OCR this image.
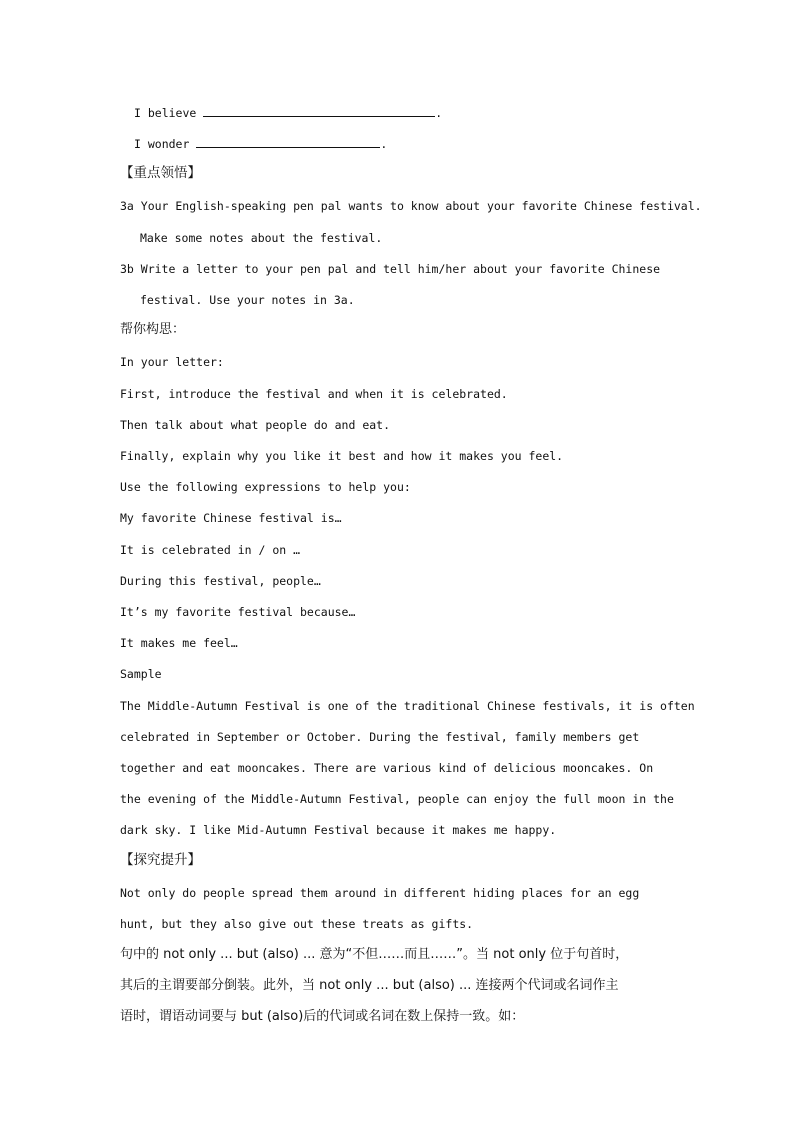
I believe	.
I wonder	.
【重点领悟】
3a Your English-speaking pen pal wants to know about your favorite Chinese festival.
Make some notes about the festival.
3b Write a letter to your pen pal and tell him/her about your favorite Chinese
festival. Use your notes in 3a.
帮你构思：
In your letter:
First, introduce the festival and when it is celebrated.
Then talk about what people do and eat.
Finally, explain why you like it best and how it makes you feel.
Use the following expressions to help you:
My favorite Chinese festival is…
It is celebrated in / on …
During this festival, people…
It’s my favorite festival because…
It makes me feel…
Sample
The Middle-Autumn Festival is one of the traditional Chinese festivals, it is often
celebrated in September or October. During the festival, family members get
together and eat mooncakes. There are various kind of delicious mooncakes. On
the evening of the Middle-Autumn Festival, people can enjoy the full moon in the
dark sky. I like Mid-Autumn Festival because it makes me happy.
【探究提升】
Not only do people spread them around in different hiding places for an egg
hunt, but they also give out these treats as gifts.
句中的 not only ... but (also) ... 意为“不但……而且……”。当 not only 位于句首时，
其后的主谓要部分倒装。此外，当 not only ... but (also) ... 连接两个代词或名词作主
语时，谓语动词要与 but (also)后的代词或名词在数上保持一致。如：
